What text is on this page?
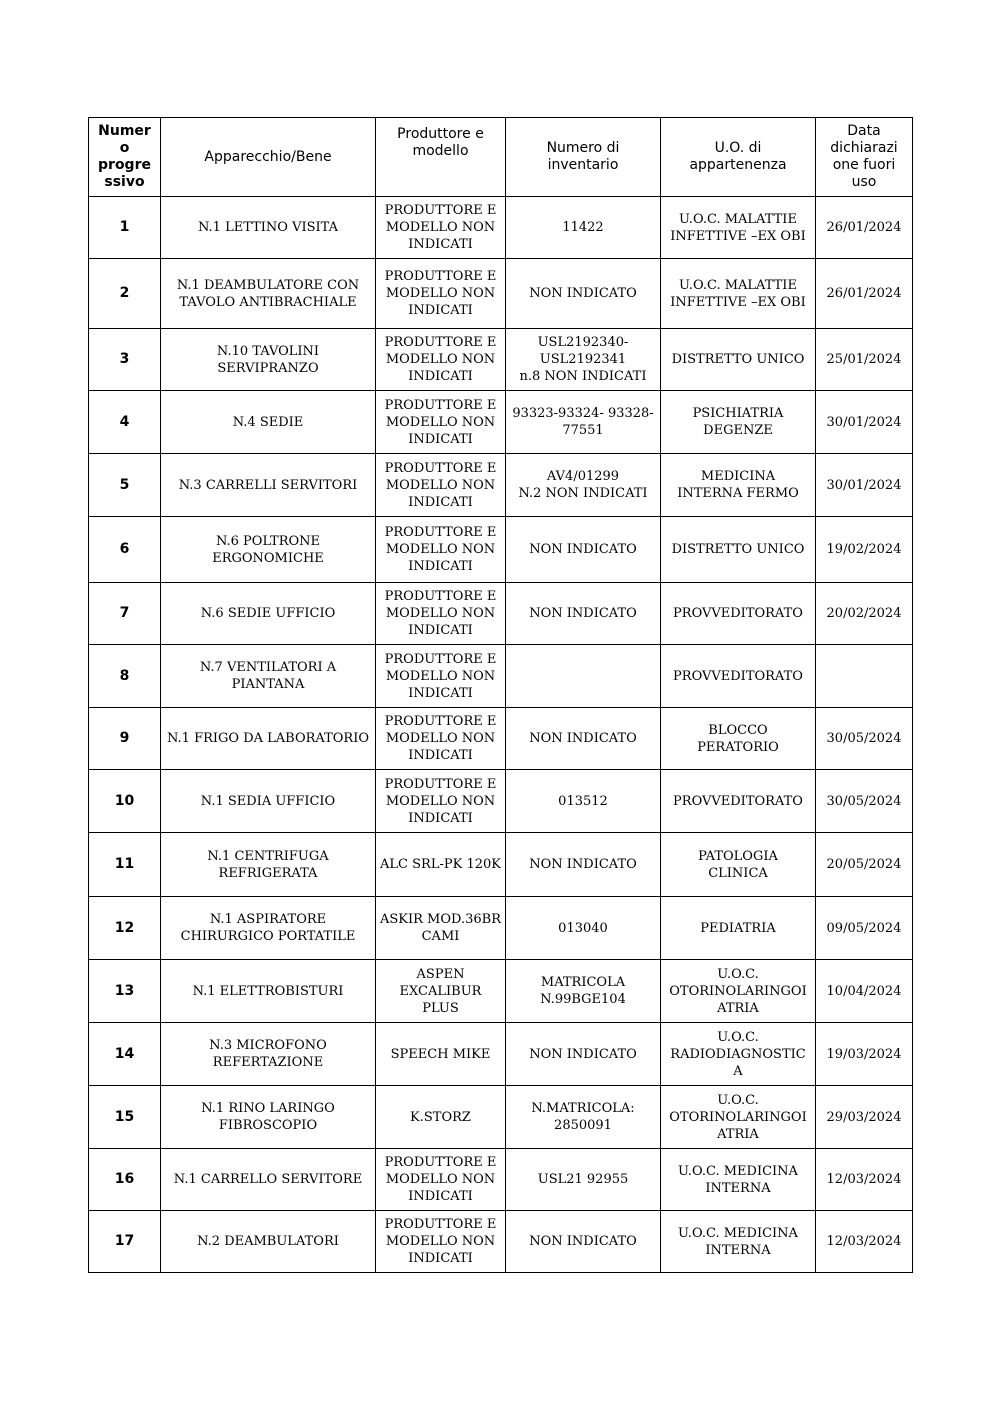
Numer
o
progre
ssivo	Apparecchio/Bene	Produttore e
modello	Numero di
inventario	U.O. di
appartenenza	Data
dichiarazi
one fuori
uso
1	N.1 LETTINO VISITA	PRODUTTORE E
MODELLO NON
INDICATI	11422	U.O.C. MALATTIE
INFETTIVE –EX OBI	26/01/2024
2	N.1 DEAMBULATORE CON
TAVOLO ANTIBRACHIALE	PRODUTTORE E
MODELLO NON
INDICATI	NON INDICATO	U.O.C. MALATTIE
INFETTIVE –EX OBI	26/01/2024
3	N.10 TAVOLINI
SERVIPRANZO	PRODUTTORE E
MODELLO NON
INDICATI	USL2192340-
USL2192341
n.8 NON INDICATI	DISTRETTO UNICO	25/01/2024
4	N.4 SEDIE	PRODUTTORE E
MODELLO NON
INDICATI	93323-93324- 93328-
77551	PSICHIATRIA
DEGENZE	30/01/2024
5	N.3 CARRELLI SERVITORI	PRODUTTORE E
MODELLO NON
INDICATI	AV4/01299
N.2 NON INDICATI	MEDICINA
INTERNA FERMO	30/01/2024
6	N.6 POLTRONE
ERGONOMICHE	PRODUTTORE E
MODELLO NON
INDICATI	NON INDICATO	DISTRETTO UNICO	19/02/2024
7	N.6 SEDIE UFFICIO	PRODUTTORE E
MODELLO NON
INDICATI	NON INDICATO	PROVVEDITORATO	20/02/2024
8	N.7 VENTILATORI A
PIANTANA	PRODUTTORE E
MODELLO NON
INDICATI		PROVVEDITORATO	
9	N.1 FRIGO DA LABORATORIO	PRODUTTORE E
MODELLO NON
INDICATI	NON INDICATO	BLOCCO
PERATORIO	30/05/2024
10	N.1 SEDIA UFFICIO	PRODUTTORE E
MODELLO NON
INDICATI	013512	PROVVEDITORATO	30/05/2024
11	N.1 CENTRIFUGA
REFRIGERATA	ALC SRL-PK 120K	NON INDICATO	PATOLOGIA
CLINICA	20/05/2024
12	N.1 ASPIRATORE
CHIRURGICO PORTATILE	ASKIR MOD.36BR
CAMI	013040	PEDIATRIA	09/05/2024
13	N.1 ELETTROBISTURI	ASPEN
EXCALIBUR
PLUS	MATRICOLA
N.99BGE104	U.O.C.
OTORINOLARINGOI
ATRIA	10/04/2024
14	N.3 MICROFONO
REFERTAZIONE	SPEECH MIKE	NON INDICATO	U.O.C.
RADIODIAGNOSTIC
A	19/03/2024
15	N.1 RINO LARINGO
FIBROSCOPIO	K.STORZ	N.MATRICOLA:
2850091	U.O.C.
OTORINOLARINGOI
ATRIA	29/03/2024
16	N.1 CARRELLO SERVITORE	PRODUTTORE E
MODELLO NON
INDICATI	USL21 92955	U.O.C. MEDICINA
INTERNA	12/03/2024
17	N.2 DEAMBULATORI	PRODUTTORE E
MODELLO NON
INDICATI	NON INDICATO	U.O.C. MEDICINA
INTERNA	12/03/2024
